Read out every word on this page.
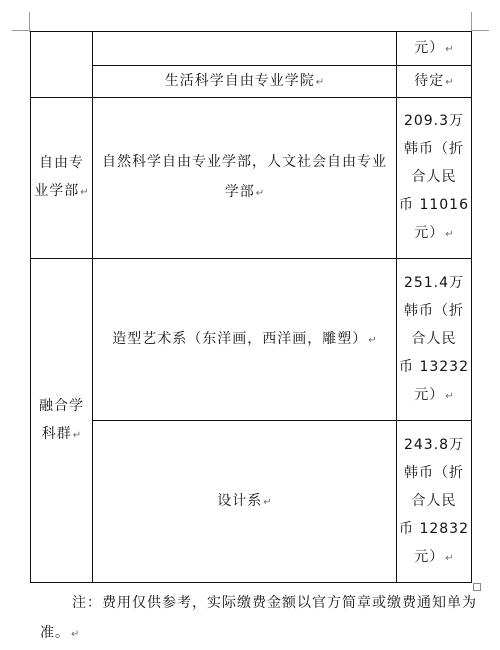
		元）↵
	生活科学自由专业学院↵	待定↵
自由专 业学部↵	自然科学自由专业学部，人文社会自由专业学部↵	209.3万
韩币（折
合人民
币 11016
元）↵

融合学 科群↵	造型艺术系（东洋画，西洋画，雕塑）↵	251.4万
韩币（折
合人民
币 13232
元）↵

	设计系↵	243.8万
韩币（折
合人民
币 12832
元）↵
注：费用仅供参考，实际缴费金额以官方简章或缴费通知单为准。↵
